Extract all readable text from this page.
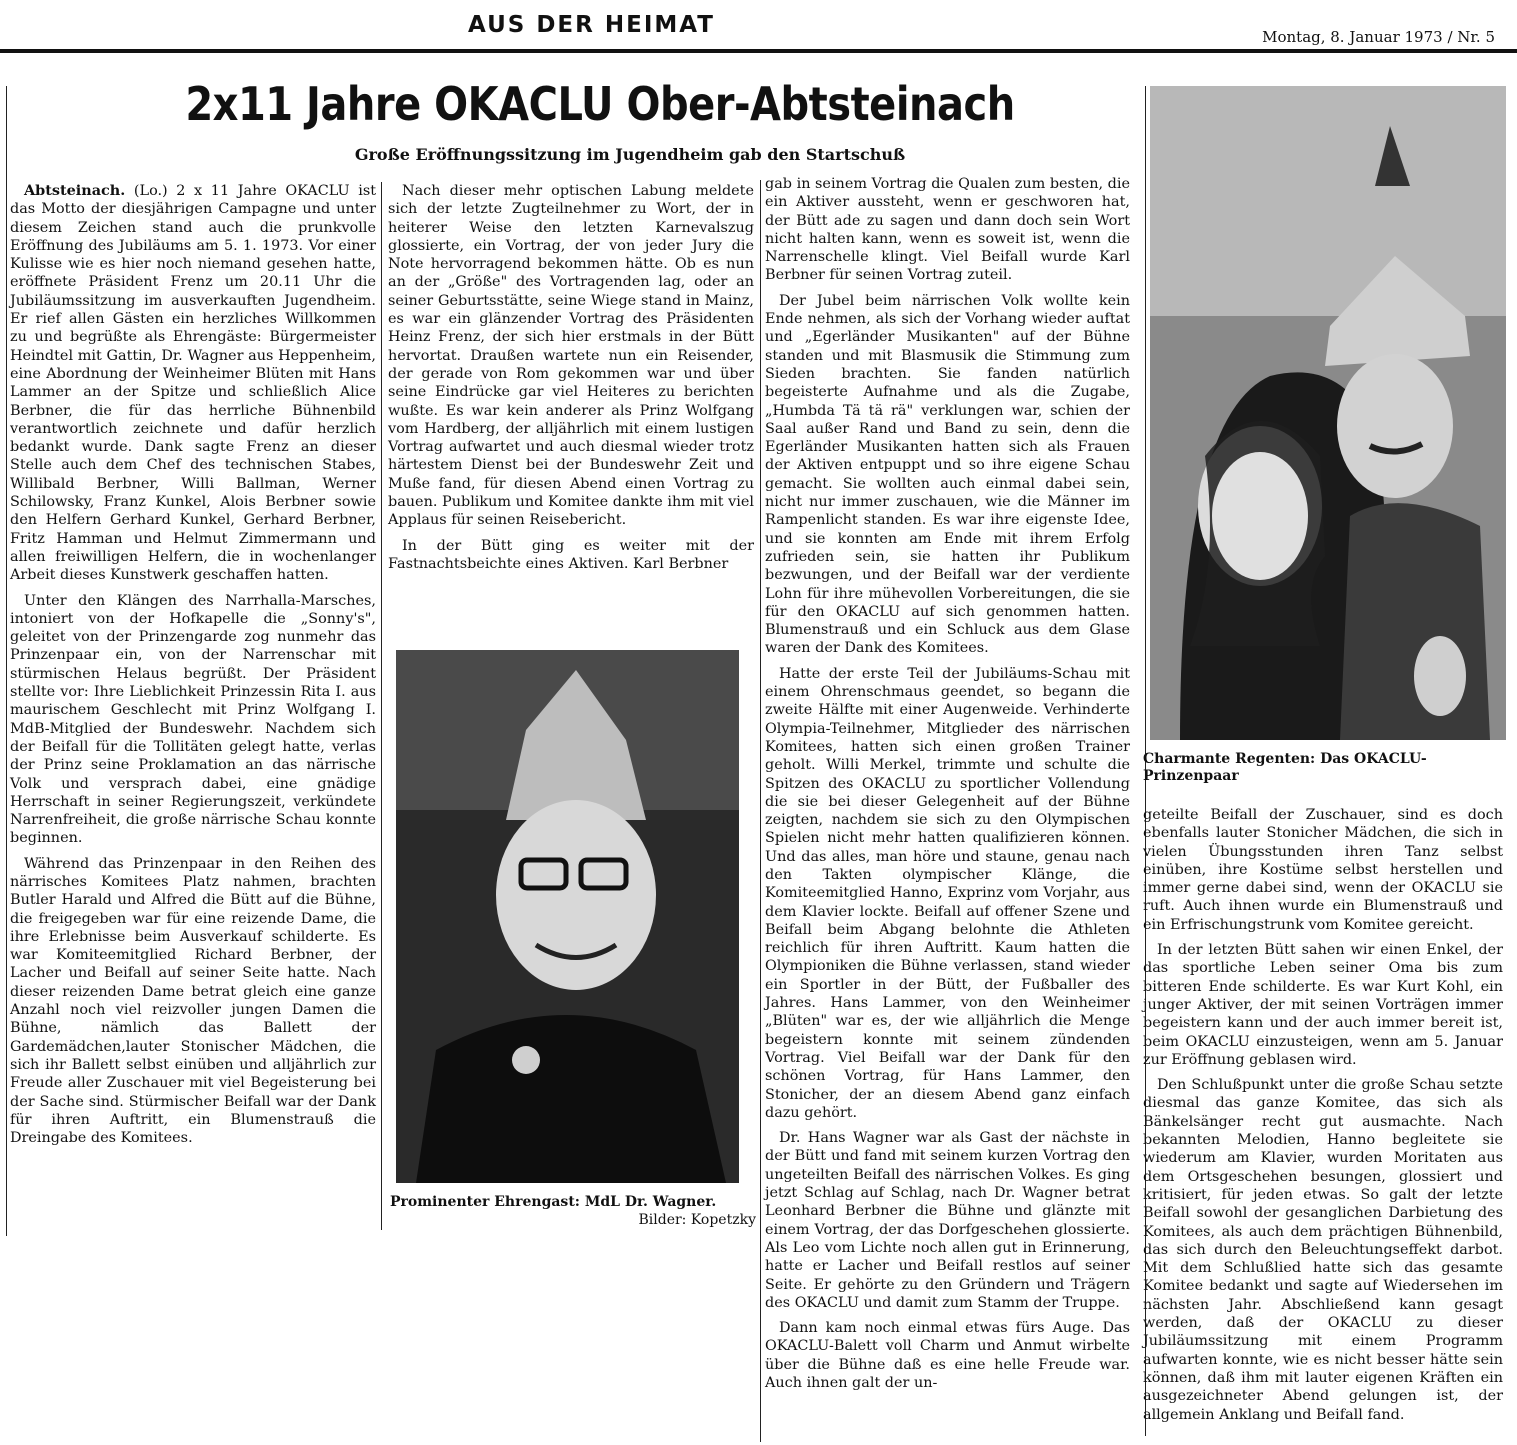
AUS DER HEIMAT	Montag, 8. Januar 1973 / Nr. 5
2x11 Jahre OKACLU Ober-Abtsteinach
Große Eröffnungssitzung im Jugendheim gab den Startschuß

Abtsteinach. (Lo.) 2 x 11 Jahre OKACLU ist das Motto der diesjährigen Campagne und unter diesem Zeichen stand auch die prunkvolle Eröffnung des Jubiläums am 5. 1. 1973. Vor einer Kulisse wie es hier noch niemand gesehen hatte, eröffnete Präsident Frenz um 20.11 Uhr die Jubiläumssitzung im ausverkauften Jugendheim. Er rief allen Gästen ein herzliches Willkommen zu und begrüßte als Ehrengäste: Bürgermeister Heindtel mit Gattin, Dr. Wagner aus Heppenheim, eine Abordnung der Weinheimer Blüten mit Hans Lammer an der Spitze und schließlich Alice Berbner, die für das herrliche Bühnenbild verantwortlich zeichnete und dafür herzlich bedankt wurde. Dank sagte Frenz an dieser Stelle auch dem Chef des technischen Stabes, Willibald Berbner, Willi Ballman, Werner Schilowsky, Franz Kunkel, Alois Berbner sowie den Helfern Gerhard Kunkel, Gerhard Berbner, Fritz Hamman und Helmut Zimmermann und allen freiwilligen Helfern, die in wochenlanger Arbeit dieses Kunstwerk geschaffen hatten.

Unter den Klängen des Narrhalla-Marsches, intoniert von der Hofkapelle die „Sonny's", geleitet von der Prinzengarde zog nunmehr das Prinzenpaar ein, von der Narrenschar mit stürmischen Helaus begrüßt. Der Präsident stellte vor: Ihre Lieblichkeit Prinzessin Rita I. aus maurischem Geschlecht mit Prinz Wolfgang I. MdB-Mitglied der Bundeswehr. Nachdem sich der Beifall für die Tollitäten gelegt hatte, verlas der Prinz seine Proklamation an das närrische Volk und versprach dabei, eine gnädige Herrschaft in seiner Regierungszeit, verkündete Narrenfreiheit, die große närrische Schau konnte beginnen.

Während das Prinzenpaar in den Reihen des närrisches Komitees Platz nahmen, brachten Butler Harald und Alfred die Bütt auf die Bühne, die freigegeben war für eine reizende Dame, die ihre Erlebnisse beim Ausverkauf schilderte. Es war Komiteemitglied Richard Berbner, der Lacher und Beifall auf seiner Seite hatte. Nach dieser reizenden Dame betrat gleich eine ganze Anzahl noch viel reizvoller jungen Damen die Bühne, nämlich das Ballett der Gardemädchen,lauter Stonischer Mädchen, die sich ihr Ballett selbst einüben und alljährlich zur Freude aller Zuschauer mit viel Begeisterung bei der Sache sind. Stürmischer Beifall war der Dank für ihren Auftritt, ein Blumenstrauß die Dreingabe des Komitees.

Nach dieser mehr optischen Labung meldete sich der letzte Zugteilnehmer zu Wort, der in heiterer Weise den letzten Karnevalszug glossierte, ein Vortrag, der von jeder Jury die Note hervorragend bekommen hätte. Ob es nun an der „Größe" des Vortragenden lag, oder an seiner Geburtsstätte, seine Wiege stand in Mainz, es war ein glänzender Vortrag des Präsidenten Heinz Frenz, der sich hier erstmals in der Bütt hervortat. Draußen wartete nun ein Reisender, der gerade von Rom gekommen war und über seine Eindrücke gar viel Heiteres zu berichten wußte. Es war kein anderer als Prinz Wolfgang vom Hardberg, der alljährlich mit einem lustigen Vortrag aufwartet und auch diesmal wieder trotz härtestem Dienst bei der Bundeswehr Zeit und Muße fand, für diesen Abend einen Vortrag zu bauen. Publikum und Komitee dankte ihm mit viel Applaus für seinen Reisebericht.

In der Bütt ging es weiter mit der Fastnachtsbeichte eines Aktiven. Karl Berbner

Prominenter Ehrengast: MdL Dr. Wagner.
Bilder: Kopetzky

gab in seinem Vortrag die Qualen zum besten, die ein Aktiver aussteht, wenn er geschworen hat, der Bütt ade zu sagen und dann doch sein Wort nicht halten kann, wenn es soweit ist, wenn die Narrenschelle klingt. Viel Beifall wurde Karl Berbner für seinen Vortrag zuteil.

Der Jubel beim närrischen Volk wollte kein Ende nehmen, als sich der Vorhang wieder auftat und „Egerländer Musikanten" auf der Bühne standen und mit Blasmusik die Stimmung zum Sieden brachten. Sie fanden natürlich begeisterte Aufnahme und als die Zugabe, „Humbda Tä tä rä" verklungen war, schien der Saal außer Rand und Band zu sein, denn die Egerländer Musikanten hatten sich als Frauen der Aktiven entpuppt und so ihre eigene Schau gemacht. Sie wollten auch einmal dabei sein, nicht nur immer zuschauen, wie die Männer im Rampenlicht standen. Es war ihre eigenste Idee, und sie konnten am Ende mit ihrem Erfolg zufrieden sein, sie hatten ihr Publikum bezwungen, und der Beifall war der verdiente Lohn für ihre mühevollen Vorbereitungen, die sie für den OKACLU auf sich genommen hatten. Blumenstrauß und ein Schluck aus dem Glase waren der Dank des Komitees.

Hatte der erste Teil der Jubiläums-Schau mit einem Ohrenschmaus geendet, so begann die zweite Hälfte mit einer Augenweide. Verhinderte Olympia-Teilnehmer, Mitglieder des närrischen Komitees, hatten sich einen großen Trainer geholt. Willi Merkel, trimmte und schulte die Spitzen des OKACLU zu sportlicher Vollendung die sie bei dieser Gelegenheit auf der Bühne zeigten, nachdem sie sich zu den Olympischen Spielen nicht mehr hatten qualifizieren können. Und das alles, man höre und staune, genau nach den Takten olympischer Klänge, die Komiteemitglied Hanno, Exprinz vom Vorjahr, aus dem Klavier lockte. Beifall auf offener Szene und Beifall beim Abgang belohnte die Athleten reichlich für ihren Auftritt. Kaum hatten die Olympioniken die Bühne verlassen, stand wieder ein Sportler in der Bütt, der Fußballer des Jahres. Hans Lammer, von den Weinheimer „Blüten" war es, der wie alljährlich die Menge begeistern konnte mit seinem zündenden Vortrag. Viel Beifall war der Dank für den schönen Vortrag, für Hans Lammer, den Stonicher, der an diesem Abend ganz einfach dazu gehört.

Dr. Hans Wagner war als Gast der nächste in der Bütt und fand mit seinem kurzen Vortrag den ungeteilten Beifall des närrischen Volkes. Es ging jetzt Schlag auf Schlag, nach Dr. Wagner betrat Leonhard Berbner die Bühne und glänzte mit einem Vortrag, der das Dorfgeschehen glossierte. Als Leo vom Lichte noch allen gut in Erinnerung, hatte er Lacher und Beifall restlos auf seiner Seite. Er gehörte zu den Gründern und Trägern des OKACLU und damit zum Stamm der Truppe.

Dann kam noch einmal etwas fürs Auge. Das OKACLU-Balett voll Charm und Anmut wirbelte über die Bühne daß es eine helle Freude war. Auch ihnen galt der un-

Charmante Regenten: Das OKACLU-Prinzenpaar

geteilte Beifall der Zuschauer, sind es doch ebenfalls lauter Stonicher Mädchen, die sich in vielen Übungsstunden ihren Tanz selbst einüben, ihre Kostüme selbst herstellen und immer gerne dabei sind, wenn der OKACLU sie ruft. Auch ihnen wurde ein Blumenstrauß und ein Erfrischungstrunk vom Komitee gereicht.

In der letzten Bütt sahen wir einen Enkel, der das sportliche Leben seiner Oma bis zum bitteren Ende schilderte. Es war Kurt Kohl, ein junger Aktiver, der mit seinen Vorträgen immer begeistern kann und der auch immer bereit ist, beim OKACLU einzusteigen, wenn am 5. Januar zur Eröffnung geblasen wird.

Den Schlußpunkt unter die große Schau setzte diesmal das ganze Komitee, das sich als Bänkelsänger recht gut ausmachte. Nach bekannten Melodien, Hanno begleitete sie wiederum am Klavier, wurden Moritaten aus dem Ortsgeschehen besungen, glossiert und kritisiert, für jeden etwas. So galt der letzte Beifall sowohl der gesanglichen Darbietung des Komitees, als auch dem prächtigen Bühnenbild, das sich durch den Beleuchtungseffekt darbot. Mit dem Schlußlied hatte sich das gesamte Komitee bedankt und sagte auf Wiedersehen im nächsten Jahr. Abschließend kann gesagt werden, daß der OKACLU zu dieser Jubiläumssitzung mit einem Programm aufwarten konnte, wie es nicht besser hätte sein können, daß ihm mit lauter eigenen Kräften ein ausgezeichneter Abend gelungen ist, der allgemein Anklang und Beifall fand.
